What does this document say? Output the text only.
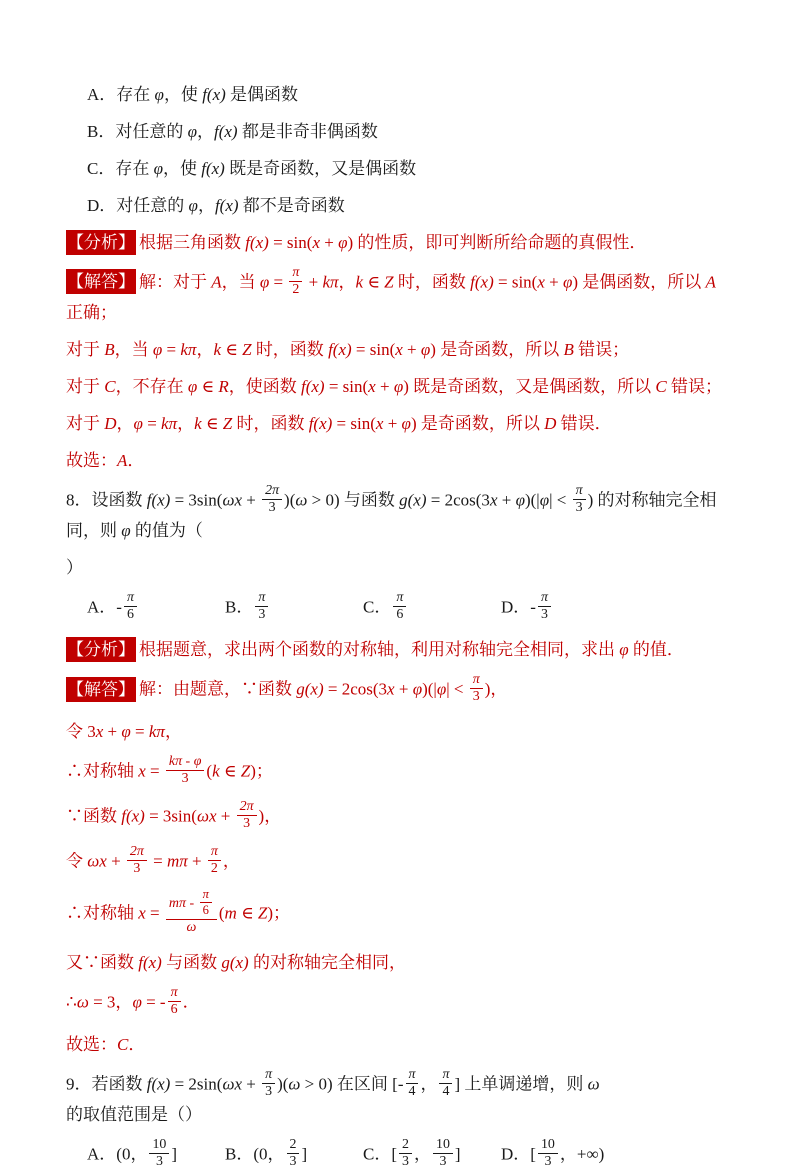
A．存在 φ，使 f(x) 是偶函数
B．对任意的 φ，f(x) 都是非奇非偶函数
C．存在 φ，使 f(x) 既是奇函数，又是偶函数
D．对任意的 φ，f(x) 都不是奇函数
【分析】 根据三角函数 f(x) = sin(x + φ) 的性质，即可判断所给命题的真假性．
【解答】 解：对于 A，当 $\varphi = \frac{\pi}{2} + k\pi$，k ∈ Z 时，函数 f(x) = sin(x + φ) 是偶函数，所以 A 正确；
对于 B，当 φ = kπ，k ∈ Z 时，函数 f(x) = sin(x + φ) 是奇函数，所以 B 错误；
对于 C，不存在 φ ∈ R，使函数 f(x) = sin(x + φ) 既是奇函数，又是偶函数，所以 C 错误；
对于 D，φ = kπ，k ∈ Z 时，函数 f(x) = sin(x + φ) 是奇函数，所以 D 错误．
故选：A．
8．设函数 $f(x) = 3\sin(\omega x + \frac{2\pi}{3} )(\omega > 0)$ 与函数 $g(x) = 2\cos(3x + \varphi)(|\varphi| < \frac{\pi}{3}$ ) 的对称轴完全相同，则 φ 的值为（
）
A．- $\frac{\pi}{6}$	B． $\frac{\pi}{3}$	C． $\frac{\pi}{6}$	D．- $\frac{\pi}{3}$
【分析】 根据题意，求出两个函数的对称轴，利用对称轴完全相同，求出 φ 的值．
【解答】 解：由题意，∵函数 $g(x) = 2\cos(3x + \varphi)(|\varphi| < \frac{\pi}{3}$ )，
令 3x + φ = kπ，
∴对称轴 $x = \frac{k\pi - \varphi}{3} (k$ ∈ Z)；
∵函数 $f(x) = 3\sin(\omega x + \frac{2\pi}{3}$ )，
令 $\omega x + \frac{2\pi}{3} = m\pi + \frac{\pi}{2}$ ，
∴对称轴 $x = \frac{m\pi - \frac{\pi}{6}}{\omega} (m$ ∈ Z)；
又∵函数 f(x) 与函数 g(x) 的对称轴完全相同，
∴ω = 3，φ = - $\frac{\pi}{6}$ ．
故选：C．
9．若函数 $f(x) = 2\sin(\omega x + \frac{\pi}{3} )(\omega > 0)$ 在区间 [- $\frac{\pi}{4}$ ， $\frac{\pi}{4}$ ] 上单调递增，则 ω 的取值范围是（）
A．(0， $\frac{10}{3}$ ]	B．(0， $\frac{2}{3}$ ]	C．[ $\frac{2}{3}$ ， $\frac{10}{3}$ ]	D．[ $\frac{10}{3}$ ，+∞)
